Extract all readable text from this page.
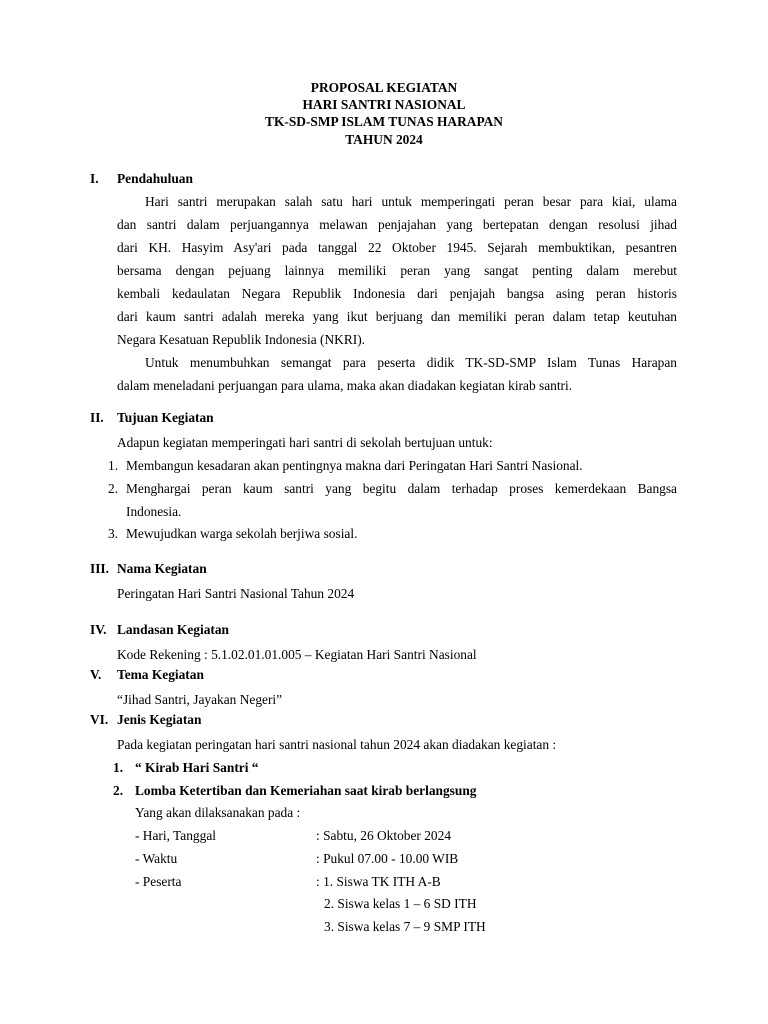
PROPOSAL KEGIATAN
HARI SANTRI NASIONAL
TK-SD-SMP ISLAM TUNAS HARAPAN
TAHUN 2024
I. Pendahuluan
Hari santri merupakan salah satu hari untuk memperingati peran besar para kiai, ulama
dan santri dalam perjuangannya melawan penjajahan yang bertepatan dengan resolusi jihad
dari KH. Hasyim Asy'ari pada tanggal 22 Oktober 1945. Sejarah membuktikan, pesantren
bersama dengan pejuang lainnya memiliki peran yang sangat penting dalam merebut
kembali kedaulatan Negara Republik Indonesia dari penjajah bangsa asing peran historis
dari kaum santri adalah mereka yang ikut berjuang dan memiliki peran dalam tetap keutuhan
Negara Kesatuan Republik Indonesia (NKRI).
Untuk menumbuhkan semangat para peserta didik TK-SD-SMP Islam Tunas Harapan
dalam meneladani perjuangan para ulama, maka akan diadakan kegiatan kirab santri.
II. Tujuan Kegiatan
Adapun kegiatan memperingati hari santri di sekolah bertujuan untuk:
1. Membangun kesadaran akan pentingnya makna dari Peringatan Hari Santri Nasional.
2. Menghargai peran kaum santri yang begitu dalam terhadap proses kemerdekaan Bangsa
Indonesia.
3. Mewujudkan warga sekolah berjiwa sosial.
III. Nama Kegiatan
Peringatan Hari Santri Nasional Tahun 2024
IV. Landasan Kegiatan
Kode Rekening : 5.1.02.01.01.005 – Kegiatan Hari Santri Nasional
V. Tema Kegiatan
“Jihad Santri, Jayakan Negeri”
VI. Jenis Kegiatan
Pada kegiatan peringatan hari santri nasional tahun 2024 akan diadakan kegiatan :
1. “ Kirab Hari Santri “
2. Lomba Ketertiban dan Kemeriahan saat kirab berlangsung
Yang akan dilaksanakan pada :
- Hari, Tanggal	: Sabtu, 26 Oktober 2024
- Waktu	: Pukul 07.00 - 10.00 WIB
- Peserta	: 1. Siswa TK ITH A-B
2. Siswa kelas 1 – 6 SD ITH
3. Siswa kelas 7 – 9 SMP ITH
